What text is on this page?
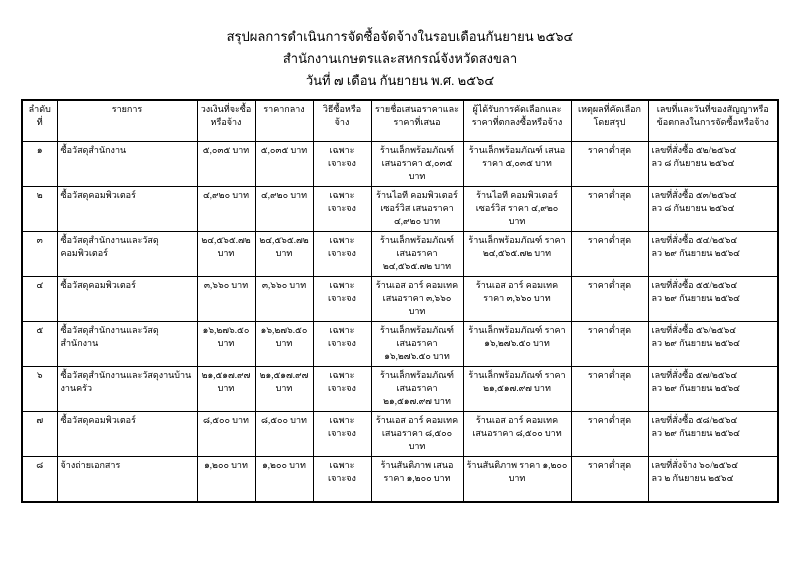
สรุปผลการดำเนินการจัดซื้อจัดจ้างในรอบเดือนกันยายน ๒๕๖๔

สำนักงานเกษตรและสหกรณ์จังหวัดสงขลา

วันที่ ๗ เดือน กันยายน พ.ศ. ๒๕๖๔

ลำดับที่	รายการ	วงเงินที่จะซื้อหรือจ้าง	ราคากลาง	วิธีซื้อหรือจ้าง	รายชื่อเสนอราคาและราคาที่เสนอ	ผู้ได้รับการคัดเลือกและราคาที่ตกลงซื้อหรือจ้าง	เหตุผลที่คัดเลือกโดยสรุป	เลขที่และวันที่ของสัญญาหรือข้อตกลงในการจัดซื้อหรือจ้าง
๑	ซื้อวัสดุสำนักงาน	๕,๐๓๕ บาท	๕,๐๓๕ บาท	เฉพาะเจาะจง	ร้านเล็กพร้อมภัณฑ์ เสนอราคา ๕,๐๓๕ บาท	ร้านเล็กพร้อมภัณฑ์ เสนอราคา ๕,๐๓๕ บาท	ราคาต่ำสุด	เลขที่สั่งซื้อ ๕๒/๒๕๖๔
ลว ๘ กันยายน ๒๕๖๔

๒	ซื้อวัสดุคอมพิวเตอร์	๔,๙๒๐ บาท	๔,๙๒๐ บาท	เฉพาะเจาะจง	ร้านไอที คอมพิวเตอร์ เซอร์วิส เสนอราคา ๔,๙๒๐ บาท	ร้านไอที คอมพิวเตอร์ เซอร์วิส ราคา ๔,๙๒๐ บาท	ราคาต่ำสุด	เลขที่สั่งซื้อ ๕๓/๒๕๖๔
ลว ๘ กันยายน ๒๕๖๔

๓	ซื้อวัสดุสำนักงานและวัสดุคอมพิวเตอร์	๒๔,๕๖๕.๗๒ บาท	๒๔,๕๖๕.๗๒ บาท	เฉพาะเจาะจง	ร้านเล็กพร้อมภัณฑ์ เสนอราคา ๒๔,๕๖๕.๗๒ บาท	ร้านเล็กพร้อมภัณฑ์ ราคา ๒๔,๕๖๕.๗๒ บาท	ราคาต่ำสุด	เลขที่สั่งซื้อ ๕๔/๒๕๖๔
ลว ๒๙ กันยายน ๒๕๖๔

๔	ซื้อวัสดุคอมพิวเตอร์	๓,๖๖๐ บาท	๓,๖๖๐ บาท	เฉพาะเจาะจง	ร้านเอส อาร์ คอมเทค เสนอราคา ๓,๖๖๐ บาท	ร้านเอส อาร์ คอมเทค ราคา ๓,๖๖๐ บาท	ราคาต่ำสุด	เลขที่สั่งซื้อ ๕๕/๒๕๖๔
ลว ๒๙ กันยายน ๒๕๖๔

๕	ซื้อวัสดุสำนักงานและวัสดุสำนักงาน	๑๖,๒๗๖.๕๐ บาท	๑๖,๒๗๖.๕๐ บาท	เฉพาะเจาะจง	ร้านเล็กพร้อมภัณฑ์ เสนอราคา ๑๖,๒๗๖.๕๐ บาท	ร้านเล็กพร้อมภัณฑ์ ราคา ๑๖,๒๗๖.๕๐ บาท	ราคาต่ำสุด	เลขที่สั่งซื้อ ๕๖/๒๕๖๔
ลว ๒๙ กันยายน ๒๕๖๔

๖	ซื้อวัสดุสำนักงานและวัสดุงานบ้านงานครัว	๒๑,๕๑๗.๙๗ บาท	๒๑,๕๑๗.๙๗ บาท	เฉพาะเจาะจง	ร้านเล็กพร้อมภัณฑ์ เสนอราคา ๒๑,๕๑๗.๙๗ บาท	ร้านเล็กพร้อมภัณฑ์ ราคา ๒๑,๕๑๗.๙๗ บาท	ราคาต่ำสุด	เลขที่สั่งซื้อ ๕๗/๒๕๖๔
ลว ๒๙ กันยายน ๒๕๖๔

๗	ซื้อวัสดุคอมพิวเตอร์	๘,๕๐๐ บาท	๘,๕๐๐ บาท	เฉพาะเจาะจง	ร้านเอส อาร์ คอมเทค เสนอราคา ๘,๕๐๐ บาท	ร้านเอส อาร์ คอมเทค เสนอราคา ๘,๕๐๐ บาท	ราคาต่ำสุด	เลขที่สั่งซื้อ ๕๘/๒๕๖๔
ลว ๒๙ กันยายน ๒๕๖๔

๘	จ้างถ่ายเอกสาร	๑,๒๐๐ บาท	๑,๒๐๐ บาท	เฉพาะเจาะจง	ร้านสันติภาพ เสนอราคา ๑,๒๐๐ บาท	ร้านสันติภาพ ราคา ๑,๒๐๐ บาท	ราคาต่ำสุด	เลขที่สั่งจ้าง ๖๐/๒๕๖๔
ลว ๒ กันยายน ๒๕๖๔
